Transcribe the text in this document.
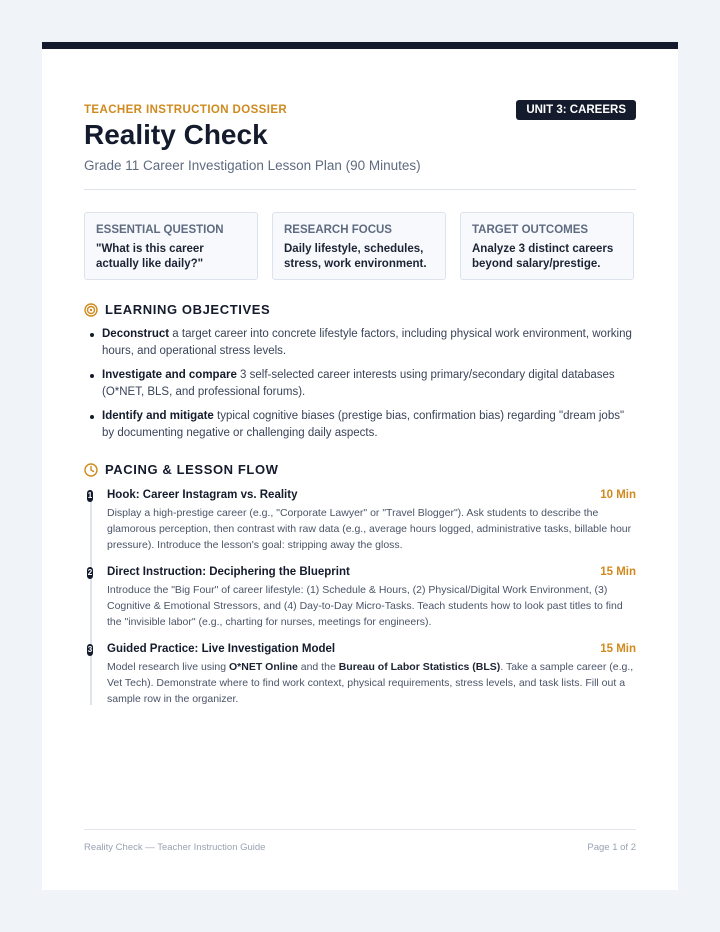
TEACHER INSTRUCTION DOSSIER	UNIT 3: CAREERS
Reality Check
Grade 11 Career Investigation Lesson Plan (90 Minutes)
ESSENTIAL QUESTION
"What is this career actually like daily?"
RESEARCH FOCUS
Daily lifestyle, schedules, stress, work environment.
TARGET OUTCOMES
Analyze 3 distinct careers beyond salary/prestige.
LEARNING OBJECTIVES
Deconstruct a target career into concrete lifestyle factors, including physical work environment, working hours, and operational stress levels.
Investigate and compare 3 self-selected career interests using primary/secondary digital databases (O*NET, BLS, and professional forums).
Identify and mitigate typical cognitive biases (prestige bias, confirmation bias) regarding "dream jobs" by documenting negative or challenging daily aspects.
PACING & LESSON FLOW
1 Hook: Career Instagram vs. Reality	10 Min
Display a high-prestige career (e.g., "Corporate Lawyer" or "Travel Blogger"). Ask students to describe the glamorous perception, then contrast with raw data (e.g., average hours logged, administrative tasks, billable hour pressure). Introduce the lesson's goal: stripping away the gloss.
2 Direct Instruction: Deciphering the Blueprint	15 Min
Introduce the "Big Four" of career lifestyle: (1) Schedule & Hours, (2) Physical/Digital Work Environment, (3) Cognitive & Emotional Stressors, and (4) Day-to-Day Micro-Tasks. Teach students how to look past titles to find the "invisible labor" (e.g., charting for nurses, meetings for engineers).
3 Guided Practice: Live Investigation Model	15 Min
Model research live using O*NET Online and the Bureau of Labor Statistics (BLS). Take a sample career (e.g., Vet Tech). Demonstrate where to find work context, physical requirements, stress levels, and task lists. Fill out a sample row in the organizer.
Reality Check — Teacher Instruction Guide	Page 1 of 2
